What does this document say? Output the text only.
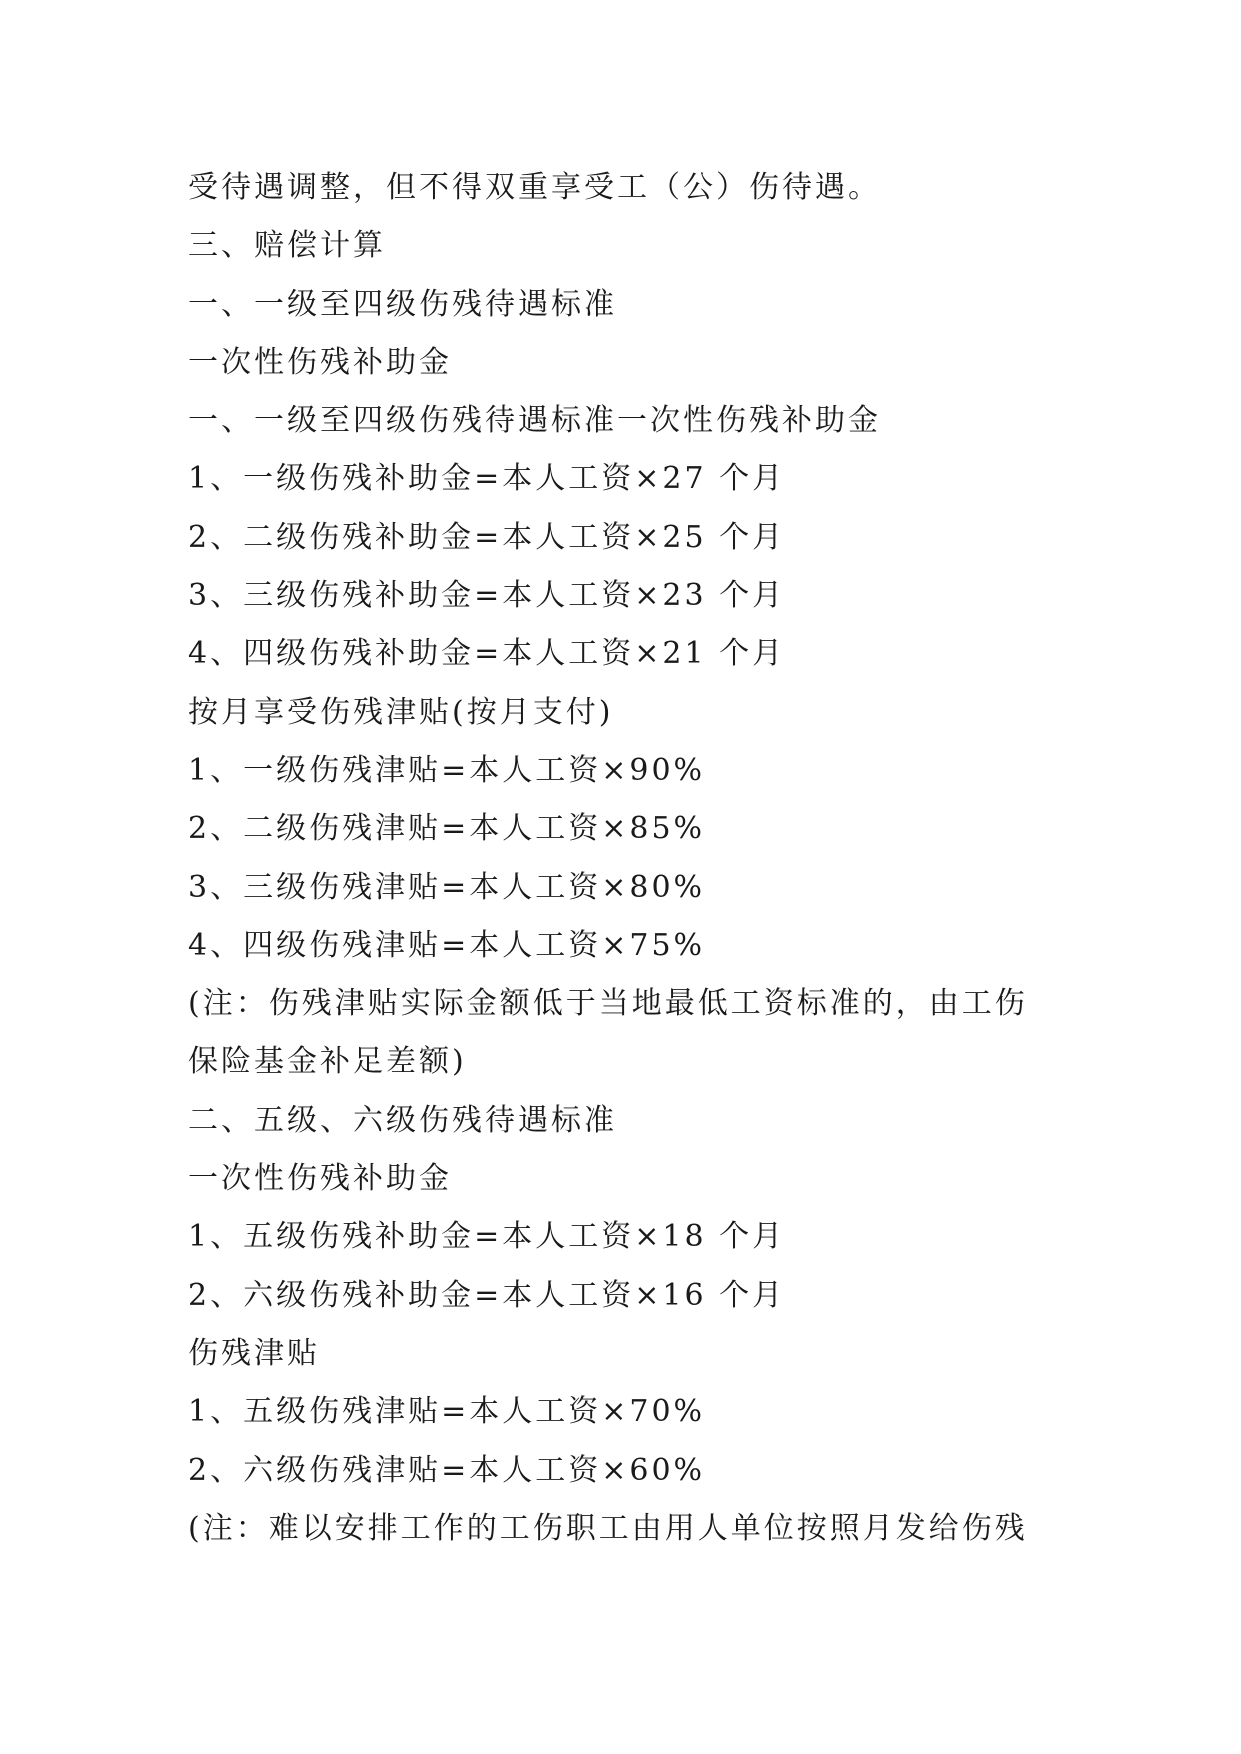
受待遇调整，但不得双重享受工（公）伤待遇。
三、赔偿计算
一、一级至四级伤残待遇标准
一次性伤残补助金
一、一级至四级伤残待遇标准一次性伤残补助金
1、一级伤残补助金=本人工资×27 个月
2、二级伤残补助金=本人工资×25 个月
3、三级伤残补助金=本人工资×23 个月
4、四级伤残补助金=本人工资×21 个月
按月享受伤残津贴(按月支付)
1、一级伤残津贴=本人工资×90%
2、二级伤残津贴=本人工资×85%
3、三级伤残津贴=本人工资×80%
4、四级伤残津贴=本人工资×75%
(注：伤残津贴实际金额低于当地最低工资标准的，由工伤
保险基金补足差额)
二、五级、六级伤残待遇标准
一次性伤残补助金
1、五级伤残补助金=本人工资×18 个月
2、六级伤残补助金=本人工资×16 个月
伤残津贴
1、五级伤残津贴=本人工资×70%
2、六级伤残津贴=本人工资×60%
(注：难以安排工作的工伤职工由用人单位按照月发给伤残
